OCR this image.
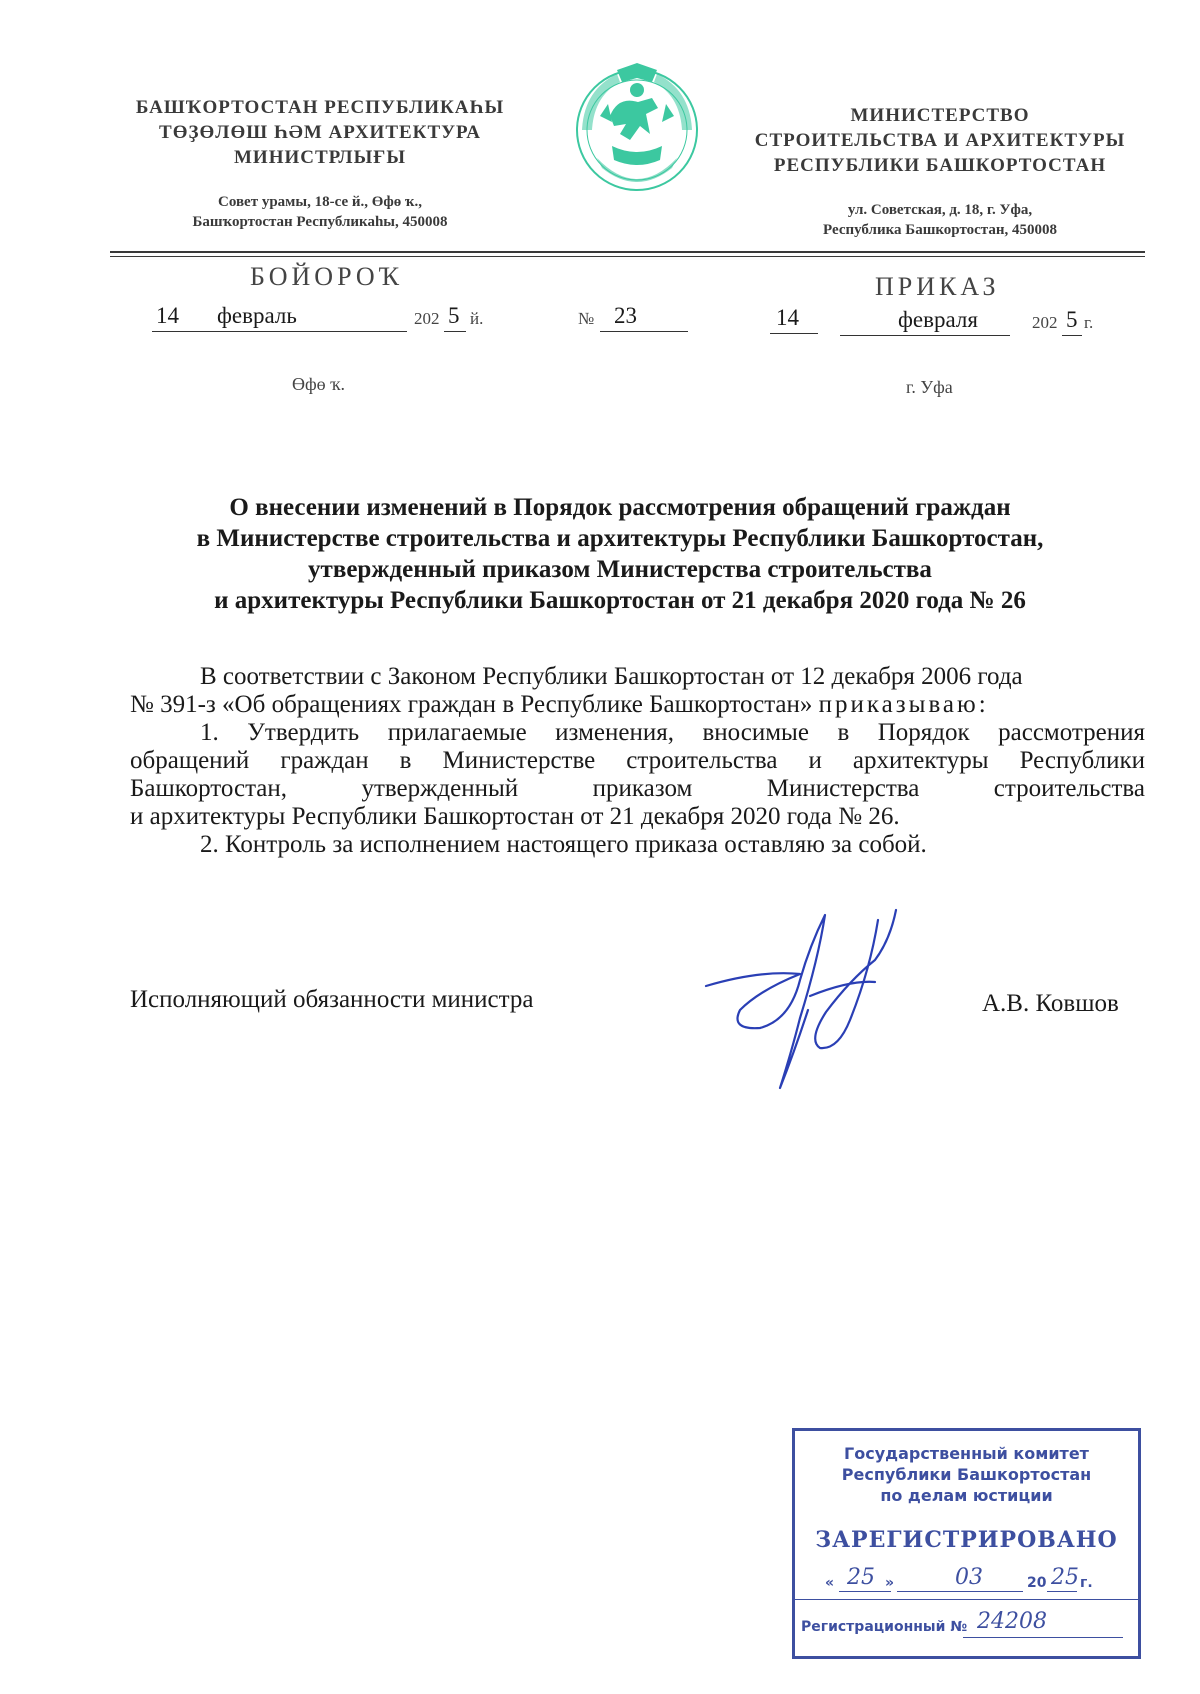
БАШҠОРТОСТАН РЕСПУБЛИКАҺЫ
ТӨҘӨЛӨШ ҺӘМ АРХИТЕКТУРА
МИНИСТРЛЫҒЫ
Совет урамы, 18-се й., Өфө ҡ.,
Башҡортостан Республикаһы, 450008
МИНИСТЕРСТВО
СТРОИТЕЛЬСТВА И АРХИТЕКТУРЫ
РЕСПУБЛИКИ БАШКОРТОСТАН
ул. Советская, д. 18, г. Уфа,
Республика Башкортостан, 450008
БОЙОРОҠ	ПРИКАЗ
14 февраль	202 5 й.	№ 23	14	февраля	202 5 г.
Өфө ҡ.	г. Уфа
О внесении изменений в Порядок рассмотрения обращений граждан
в Министерстве строительства и архитектуры Республики Башкортостан,
утвержденный приказом Министерства строительства
и архитектуры Республики Башкортостан от 21 декабря 2020 года № 26

В соответствии с Законом Республики Башкортостан от 12 декабря 2006 года

№ 391-з «Об обращениях граждан в Республике Башкортостан» приказываю:

1. Утвердить прилагаемые изменения, вносимые в Порядок рассмотрения

обращений граждан в Министерстве строительства и архитектуры Республики

Башкортостан, утвержденный приказом Министерства строительства

и архитектуры Республики Башкортостан от 21 декабря 2020 года № 26.

2. Контроль за исполнением настоящего приказа оставляю за собой.

Исполняющий обязанности министра	А.В. Ковшов
Государственный комитет
Республики Башкортостан
по делам юстиции
ЗАРЕГИСТРИРОВАНО
« 25 »	03	20 25 г.
Регистрационный № 24208
